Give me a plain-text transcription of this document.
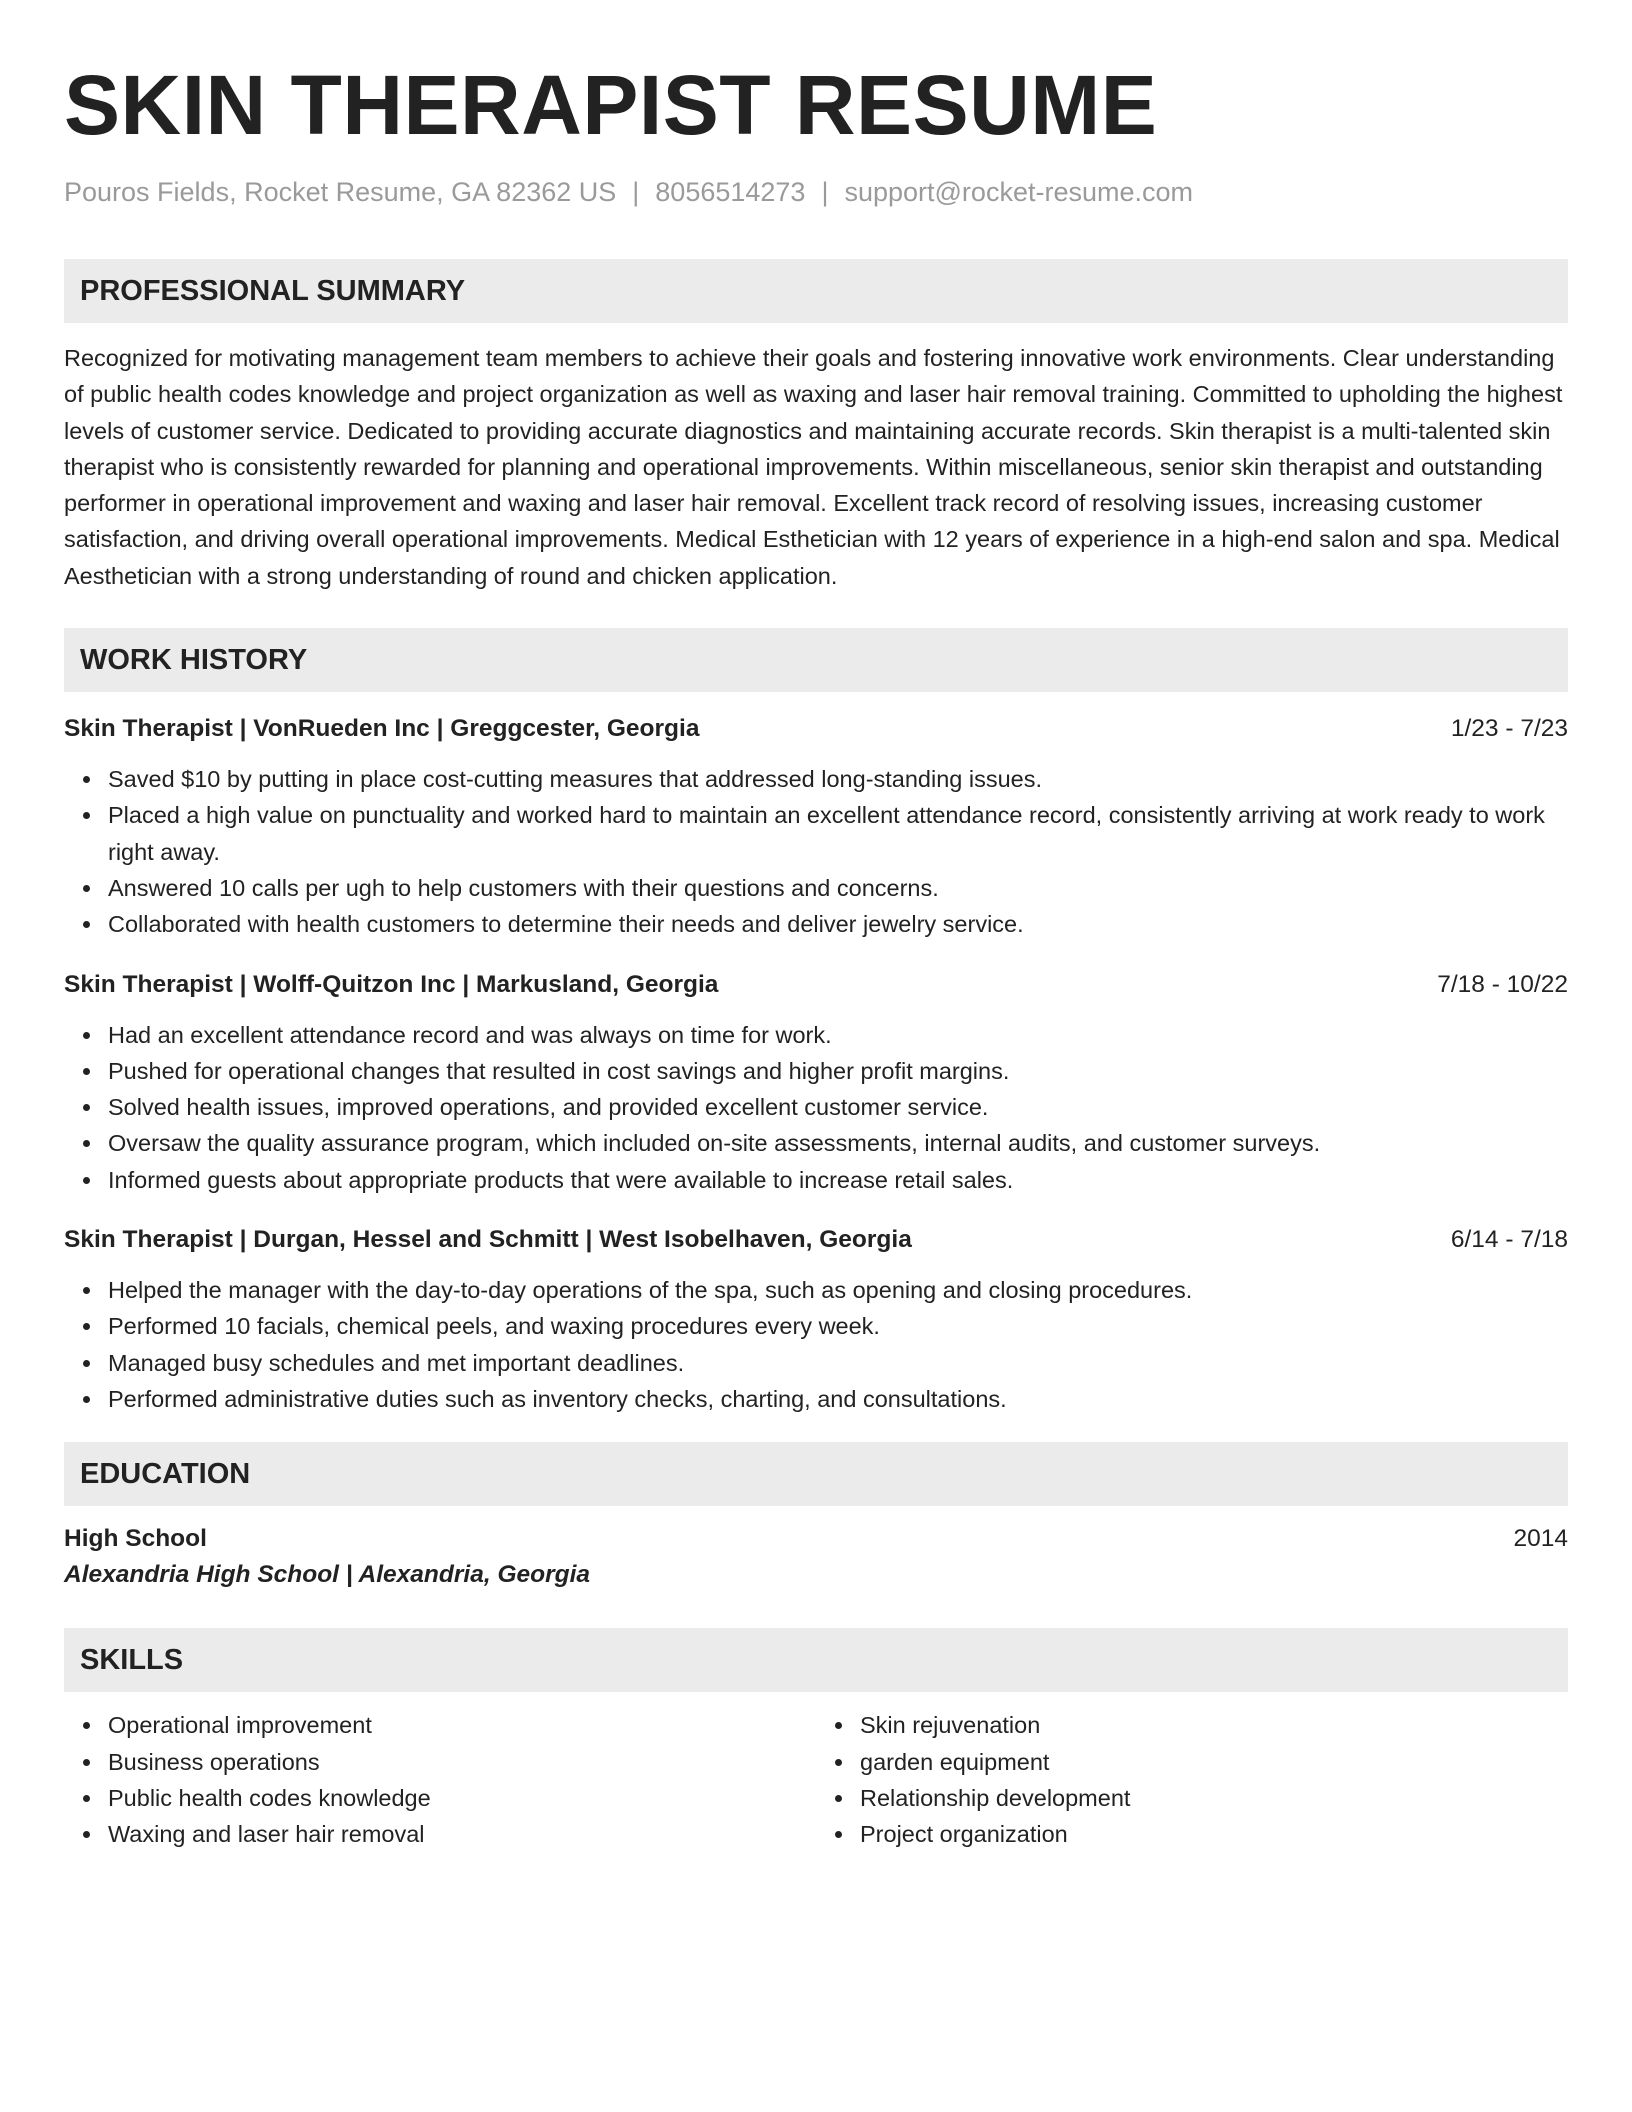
SKIN THERAPIST RESUME
Pouros Fields, Rocket Resume, GA 82362 US | 8056514273 | support@rocket-resume.com
PROFESSIONAL SUMMARY

Recognized for motivating management team members to achieve their goals and fostering innovative work environments. Clear understanding of public health codes knowledge and project organization as well as waxing and laser hair removal training. Committed to upholding the highest levels of customer service. Dedicated to providing accurate diagnostics and maintaining accurate records. Skin therapist is a multi-talented skin therapist who is consistently rewarded for planning and operational improvements. Within miscellaneous, senior skin therapist and outstanding performer in operational improvement and waxing and laser hair removal. Excellent track record of resolving issues, increasing customer satisfaction, and driving overall operational improvements. Medical Esthetician with 12 years of experience in a high-end salon and spa. Medical Aesthetician with a strong understanding of round and chicken application.

WORK HISTORY
Skin Therapist | VonRueden Inc | Greggcester, Georgia	1/23 - 7/23
Saved $10 by putting in place cost-cutting measures that addressed long-standing issues.
Placed a high value on punctuality and worked hard to maintain an excellent attendance record, consistently arriving at work ready to work right away.
Answered 10 calls per ugh to help customers with their questions and concerns.
Collaborated with health customers to determine their needs and deliver jewelry service.
Skin Therapist | Wolff-Quitzon Inc | Markusland, Georgia	7/18 - 10/22
Had an excellent attendance record and was always on time for work.
Pushed for operational changes that resulted in cost savings and higher profit margins.
Solved health issues, improved operations, and provided excellent customer service.
Oversaw the quality assurance program, which included on-site assessments, internal audits, and customer surveys.
Informed guests about appropriate products that were available to increase retail sales.
Skin Therapist | Durgan, Hessel and Schmitt | West Isobelhaven, Georgia	6/14 - 7/18
Helped the manager with the day-to-day operations of the spa, such as opening and closing procedures.
Performed 10 facials, chemical peels, and waxing procedures every week.
Managed busy schedules and met important deadlines.
Performed administrative duties such as inventory checks, charting, and consultations.
EDUCATION
High School	2014
Alexandria High School | Alexandria, Georgia
SKILLS
Operational improvement
Business operations
Public health codes knowledge
Waxing and laser hair removal
Skin rejuvenation
garden equipment
Relationship development
Project organization
